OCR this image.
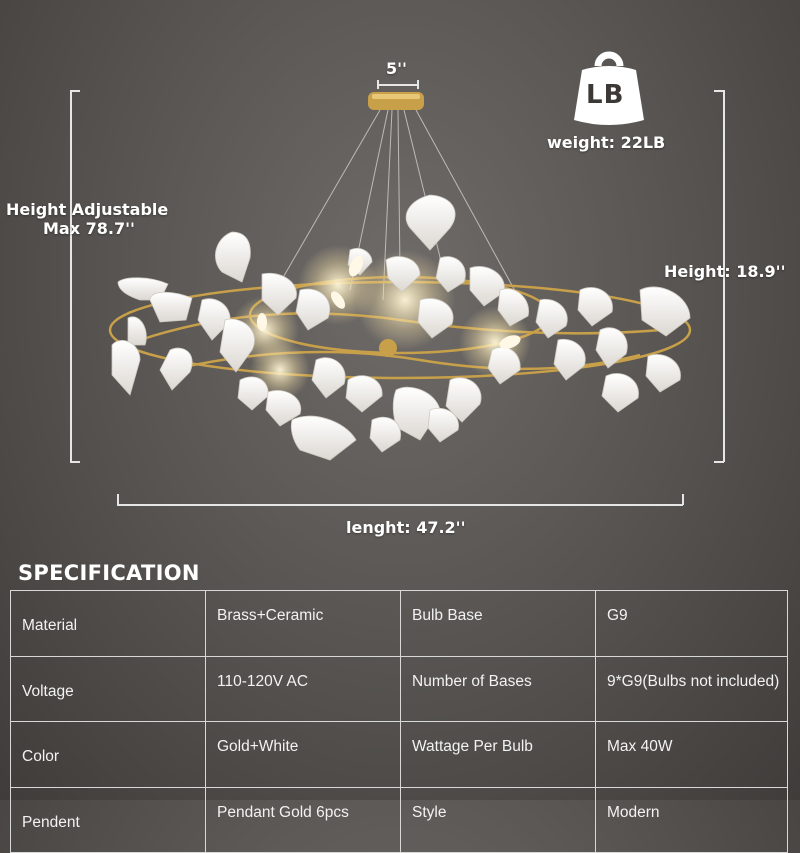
5''
Height Adjustable
Max 78.7''
Height: 18.9''
lenght: 47.2''
LB
weight: 22LB
SPECIFICATION
Material	Brass+Ceramic	Bulb Base	G9
Voltage	110-120V AC	Number of Bases	9*G9(Bulbs not included)
Color	Gold+White	Wattage Per Bulb	Max 40W
Pendent	Pendant Gold 6pcs	Style	Modern
